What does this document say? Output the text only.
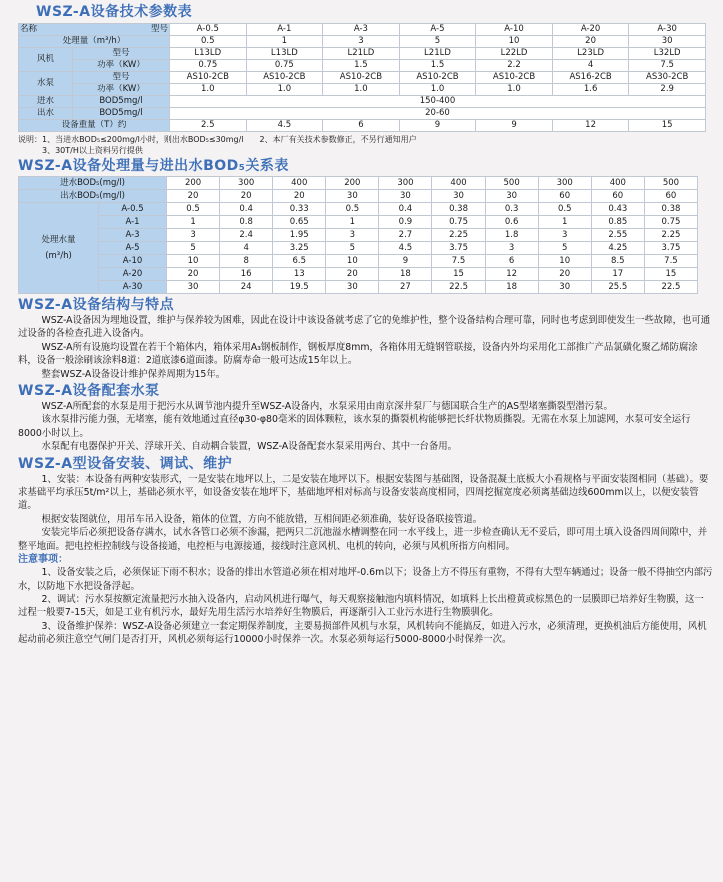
WSZ-A设备技术参数表
名称 型号		A-0.5	A-1	A-3	A-5	A-10	A-20	A-30
处理量（m³/h）		0.5	1	3	5	10	20	30
风机	型号	L13LD	L13LD	L21LD	L21LD	L22LD	L23LD	L32LD
	功率（KW）	0.75	0.75	1.5	1.5	2.2	4	7.5
水泵	型号	AS10-2CB	AS10-2CB	AS10-2CB	AS10-2CB	AS10-2CB	AS16-2CB	AS30-2CB
	功率（KW）	1.0	1.0	1.0	1.0	1.0	1.6	2.9
进水	BOD5mg/l	150-400						
出水	BOD5mg/l	20-60						
设备重量（T）约		2.5	4.5	6	9	9	12	15
说明：1、当进水BOD₅≤200mg/l小时，则出水BOD₅≤30mg/l　　2、本厂有关技术参数修正，不另行通知用户
　　　3、30T/H以上资料另行提供
WSZ-A设备处理量与进出水BOD₅关系表
进水BOD₅(mg/l)		200	300	400	200	300	400	500	300	400	500
出水BOD₅(mg/l)		20	20	20	30	30	30	30	60	60	60

处理水量
(m³/h)	A-0.5	0.5	0.4	0.33	0.5	0.4	0.38	0.3	0.5	0.43	0.38
	A-1	1	0.8	0.65	1	0.9	0.75	0.6	1	0.85	0.75
	A-3	3	2.4	1.95	3	2.7	2.25	1.8	3	2.55	2.25
	A-5	5	4	3.25	5	4.5	3.75	3	5	4.25	3.75
	A-10	10	8	6.5	10	9	7.5	6	10	8.5	7.5
	A-20	20	16	13	20	18	15	12	20	17	15
	A-30	30	24	19.5	30	27	22.5	18	30	25.5	22.5
WSZ-A设备结构与特点

WSZ-A设备因为埋地设置，维护与保养较为困难，因此在设计中该设备就考虑了它的免维护性，整个设备结构合理可靠，同时也考虑到即使发生一些故障，也可通过设备的各检查孔进入设备内。

WSZ-A所有设施均设置在若干个箱体内，箱体采用A₃钢板制作，钢板厚度8mm，各箱体用无缝钢管联接，设备内外均采用化工部推广产品氯磺化聚乙烯防腐涂料，设备一般涂刷该涂料8道：2道底漆6道面漆。防腐寿命一般可达成15年以上。

整套WSZ-A设备设计维护保养周期为15年。

WSZ-A设备配套水泵

WSZ-A所配套的水泵是用于把污水从调节池内提升至WSZ-A设备内，水泵采用由南京深井泵厂与德国联合生产的AS型堵塞撕裂型潜污泵。

该水泵排污能力强，无堵塞，能有效地通过直径φ30-φ80毫米的固体颗粒，该水泵的撕裂机构能够把长纤状物质撕裂。无需在水泵上加滤网，水泵可安全运行8000小时以上。

水泵配有电器保护开关、浮球开关、自动耦合装置，WSZ-A设备配套水泵采用两台、其中一台备用。

WSZ-A型设备安装、调试、维护

1、安装：本设备有两种安装形式，一是安装在地坪以上，二是安装在地坪以下。根据安装图与基础图，设备混凝土底板大小看规格与平面安装图相同（基础）。要求基础平均承压5t/m²以上，基础必须水平，如设备安装在地坪下，基础地坪相对标高与设备安装高度相同，四周挖掘宽度必须离基础边线600mm以上，以便安装管道。

根据安装图就位，用吊车吊入设备，箱体的位置，方向不能放错，互相间距必须准确，装好设备联接管道。

安装完毕后必须把设备存满水，试水各管口必须不渗漏，把两只二沉池溢水槽调整在同一水平线上，进一步检查确认无不妥后，即可用土填入设备四周间隙中，并整平地面。把电控柜控制线与设备接通，电控柜与电源接通，接线时注意风机、电机的转向，必须与风机所指方向相同。

注意事项：

1、设备安装之后，必须保证下雨不积水；设备的排出水管道必须在相对地坪-0.6m以下；设备上方不得压有重物，不得有大型车辆通过；设备一般不得抽空内部污水，以防地下水把设备浮起。

2、调试：污水泵按额定流量把污水抽入设备内，启动风机进行曝气，每天观察接触池内填料情况，如填料上长出橙黄或棕黑色的一层膜即已培养好生物膜，这一过程一般要7-15天，如是工业有机污水，最好先用生活污水培养好生物膜后，再逐渐引入工业污水进行生物膜驯化。

3、设备维护保养：WSZ-A设备必须建立一套定期保养制度，主要易损部件风机与水泵，风机转向不能搞反，如进入污水，必须清理，更换机油后方能使用，风机起动前必须注意空气闸门是否打开，风机必须每运行10000小时保养一次。水泵必须每运行5000-8000小时保养一次。
